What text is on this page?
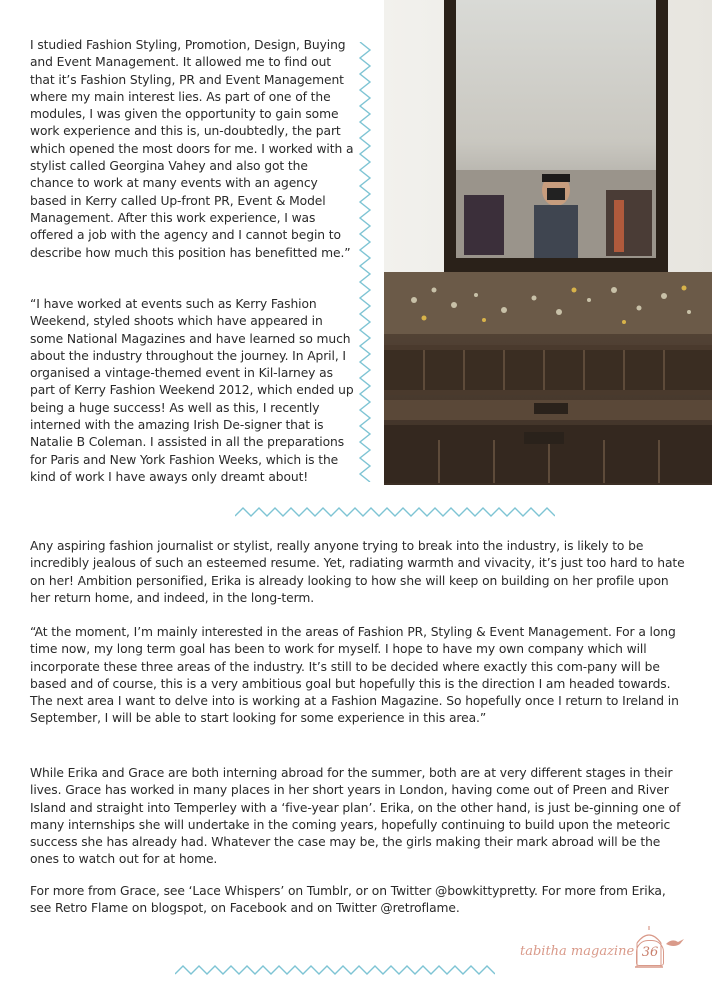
I studied Fashion Styling, Promotion, Design, Buying and Event Management. It allowed me to find out that it’s Fashion Styling, PR and Event Management where my main interest lies. As part of one of the modules, I was given the opportunity to gain some work experience and this is, un-doubtedly, the part which opened the most doors for me. I worked with a stylist called Georgina Vahey and also got the chance to work at many events with an agency based in Kerry called Up-front PR, Event & Model Management. After this work experience, I was offered a job with the agency and I cannot begin to describe how much this position has benefitted me.”

“I have worked at events such as Kerry Fashion Weekend, styled shoots which have appeared in some National Magazines and have learned so much about the industry throughout the journey. In April, I organised a vintage-themed event in Kil-larney as part of Kerry Fashion Weekend 2012, which ended up being a huge success! As well as this, I recently interned with the amazing Irish De-signer that is Natalie B Coleman. I assisted in all the preparations for Paris and New York Fashion Weeks, which is the kind of work I have aways only dreamt about!

Any aspiring fashion journalist or stylist, really anyone trying to break into the industry, is likely to be incredibly jealous of such an esteemed resume. Yet, radiating warmth and vivacity, it’s just too hard to hate on her! Ambition personified, Erika is already looking to how she will keep on building on her profile upon her return home, and indeed, in the long-term.

“At the moment, I’m mainly interested in the areas of Fashion PR, Styling & Event Management. For a long time now, my long term goal has been to work for myself. I hope to have my own company which will incorporate these three areas of the industry. It’s still to be decided where exactly this com-pany will be based and of course, this is a very ambitious goal but hopefully this is the direction I am headed towards. The next area I want to delve into is working at a Fashion Magazine. So hopefully once I return to Ireland in September, I will be able to start looking for some experience in this area.”

While Erika and Grace are both interning abroad for the summer, both are at very different stages in their lives. Grace has worked in many places in her short years in London, having come out of Preen and River Island and straight into Temperley with a ‘five-year plan’. Erika, on the other hand, is just be-ginning one of many internships she will undertake in the coming years, hopefully continuing to build upon the meteoric success she has already had. Whatever the case may be, the girls making their mark abroad will be the ones to watch out for at home.

For more from Grace, see ‘Lace Whispers’ on Tumblr, or on Twitter @bowkittypretty. For more from Erika, see Retro Flame on blogspot, on Facebook and on Twitter @retroflame.

tabitha magazine 36
